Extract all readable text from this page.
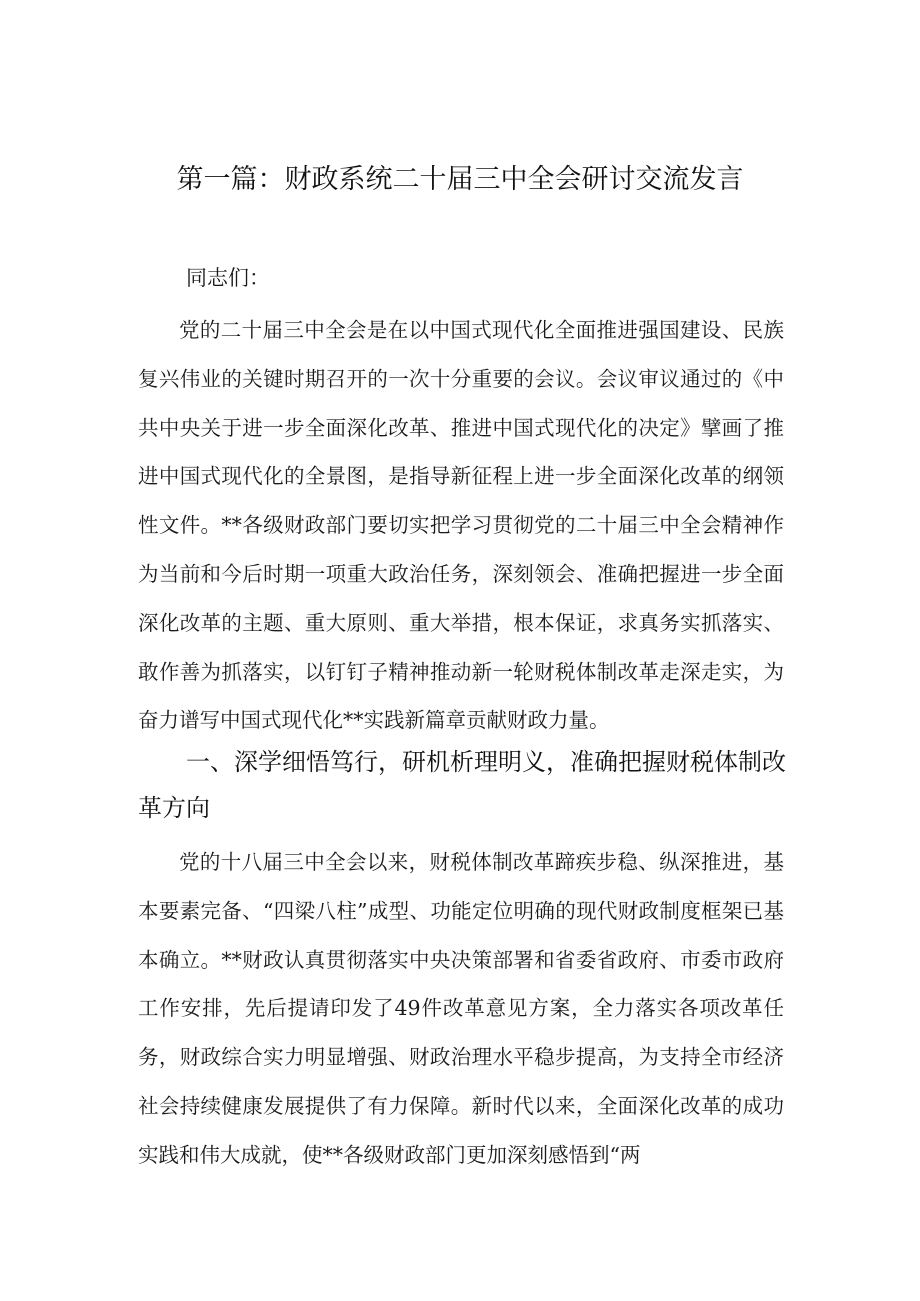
第一篇：财政系统二十届三中全会研讨交流发言
同志们：

党的二十届三中全会是在以中国式现代化全面推进强国建设、民族复兴伟业的关键时期召开的一次十分重要的会议。会议审议通过的《中共中央关于进一步全面深化改革、推进中国式现代化的决定》擘画了推进中国式现代化的全景图，是指导新征程上进一步全面深化改革的纲领性文件。**各级财政部门要切实把学习贯彻党的二十届三中全会精神作为当前和今后时期一项重大政治任务，深刻领会、准确把握进一步全面深化改革的主题、重大原则、重大举措，根本保证，求真务实抓落实、敢作善为抓落实，以钉钉子精神推动新一轮财税体制改革走深走实，为奋力谱写中国式现代化**实践新篇章贡献财政力量。

一、深学细悟笃行，研机析理明义，准确把握财税体制改革方向

党的十八届三中全会以来，财税体制改革蹄疾步稳、纵深推进，基本要素完备、“四梁八柱”成型、功能定位明确的现代财政制度框架已基本确立。**财政认真贯彻落实中央决策部署和省委省政府、市委市政府工作安排，先后提请印发了49件改革意见方案，全力落实各项改革任务，财政综合实力明显增强、财政治理水平稳步提高，为支持全市经济社会持续健康发展提供了有力保障。新时代以来，全面深化改革的成功实践和伟大成就，使**各级财政部门更加深刻感悟到“两
